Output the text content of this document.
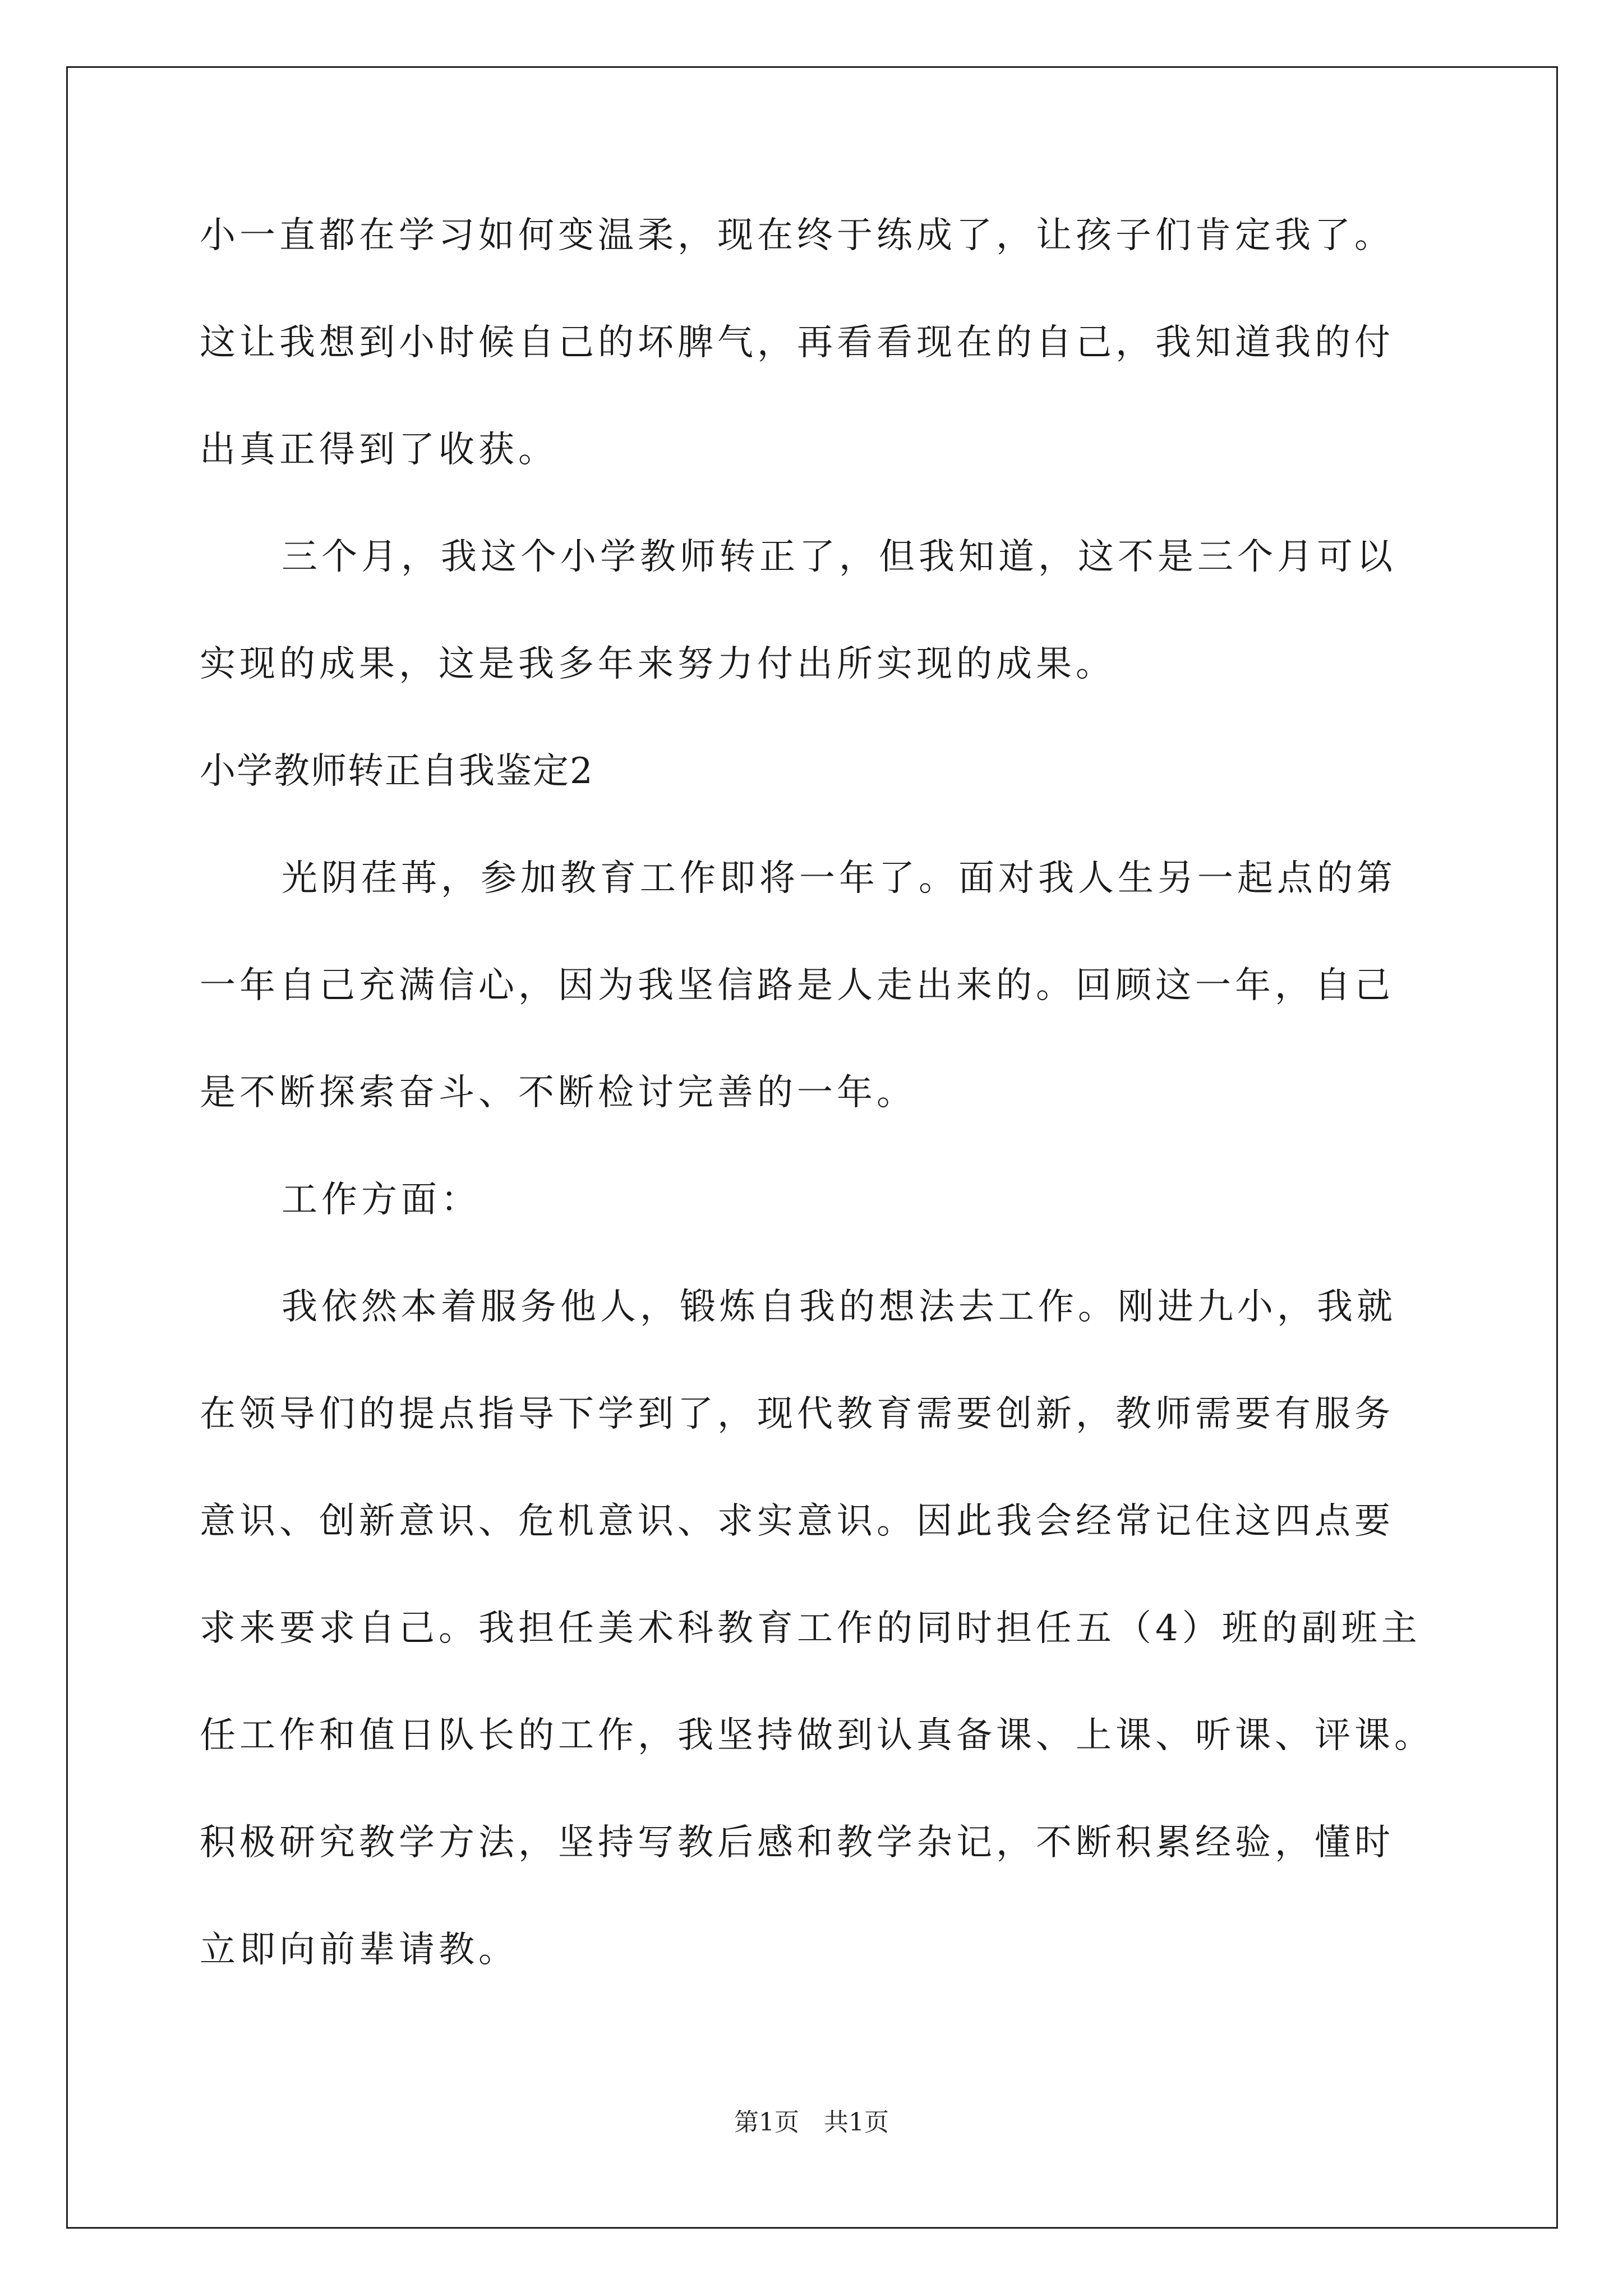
小一直都在学习如何变温柔，现在终于练成了，让孩子们肯定我了。
这让我想到小时候自己的坏脾气，再看看现在的自己，我知道我的付
出真正得到了收获。
三个月，我这个小学教师转正了，但我知道，这不是三个月可以
实现的成果，这是我多年来努力付出所实现的成果。
小学教师转正自我鉴定2
光阴荏苒，参加教育工作即将一年了。面对我人生另一起点的第
一年自己充满信心，因为我坚信路是人走出来的。回顾这一年，自己
是不断探索奋斗、不断检讨完善的一年。
工作方面：
我依然本着服务他人，锻炼自我的想法去工作。刚进九小，我就
在领导们的提点指导下学到了，现代教育需要创新，教师需要有服务
意识、创新意识、危机意识、求实意识。因此我会经常记住这四点要
求来要求自己。我担任美术科教育工作的同时担任五（4）班的副班主
任工作和值日队长的工作，我坚持做到认真备课、上课、听课、评课。
积极研究教学方法，坚持写教后感和教学杂记，不断积累经验，懂时
立即向前辈请教。
第1页　共1页
